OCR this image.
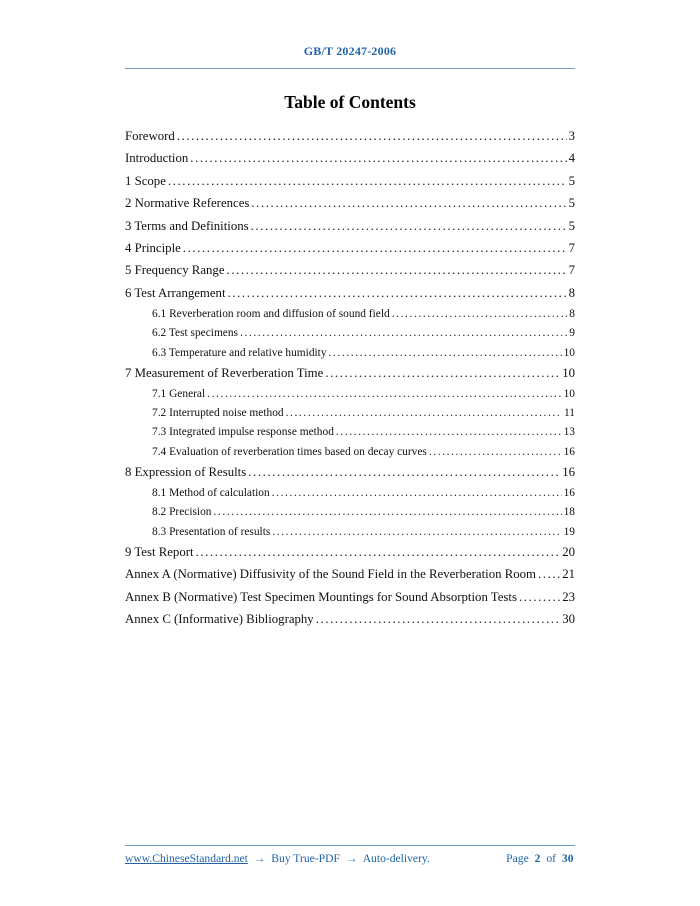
GB/T 20247-2006
Table of Contents
Foreword .....	3
Introduction .....	4
1 Scope .....	5
2 Normative References .....	5
3 Terms and Definitions .....	5
4 Principle .....	7
5 Frequency Range .....	7
6 Test Arrangement .....	8
6.1 Reverberation room and diffusion of sound field .....	8
6.2 Test specimens .....	9
6.3 Temperature and relative humidity .....	10
7 Measurement of Reverberation Time .....	10
7.1 General .....	10
7.2 Interrupted noise method .....	11
7.3 Integrated impulse response method .....	13
7.4 Evaluation of reverberation times based on decay curves .....	16
8 Expression of Results .....	16
8.1 Method of calculation .....	16
8.2 Precision .....	18
8.3 Presentation of results .....	19
9 Test Report .....	20
Annex A (Normative) Diffusivity of the Sound Field in the Reverberation Room ..... 21
Annex B (Normative) Test Specimen Mountings for Sound Absorption Tests .....	23
Annex C (Informative) Bibliography .....	30
www.ChineseStandard.net → Buy True-PDF → Auto-delivery.	Page 2 of 30
